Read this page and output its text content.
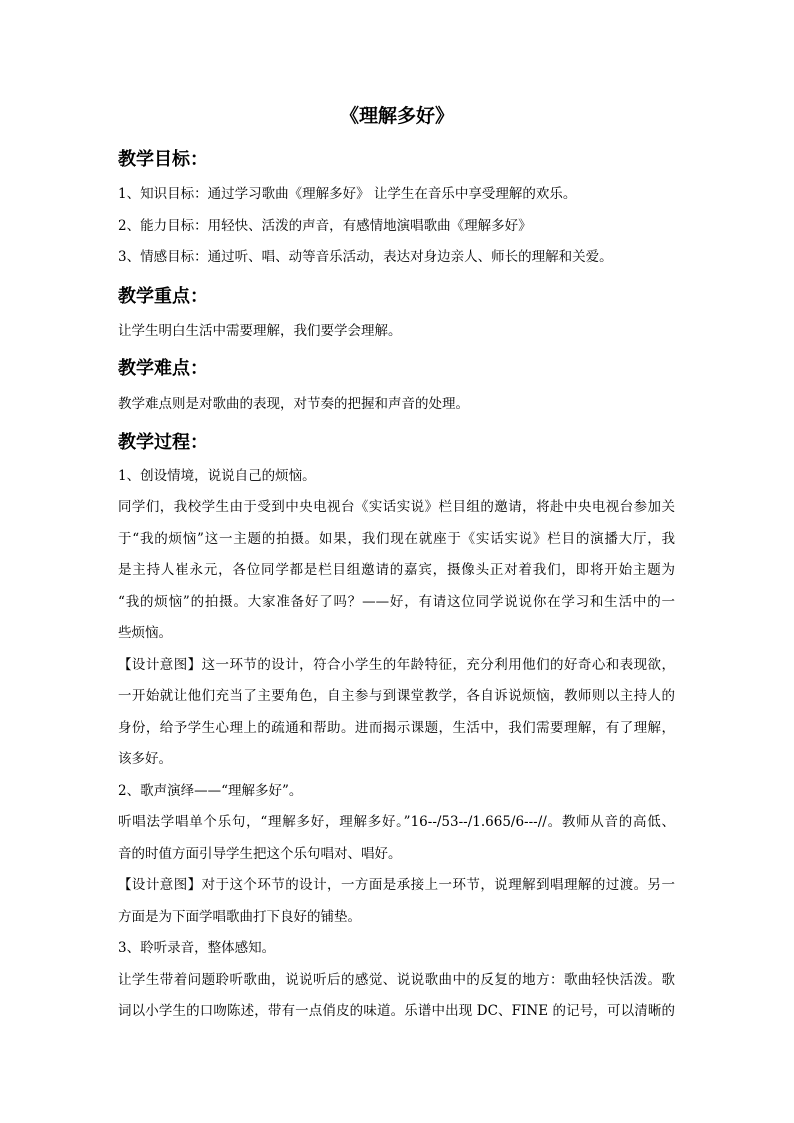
《理解多好》
教学目标：
1、知识目标：通过学习歌曲《理解多好》 让学生在音乐中享受理解的欢乐。
2、能力目标：用轻快、活泼的声音，有感情地演唱歌曲《理解多好》
3、情感目标：通过听、唱、动等音乐活动，表达对身边亲人、师长的理解和关爱。
教学重点：
让学生明白生活中需要理解，我们要学会理解。
教学难点：
教学难点则是对歌曲的表现，对节奏的把握和声音的处理。
教学过程：
1、创设情境，说说自己的烦恼。
同学们，我校学生由于受到中央电视台《实话实说》栏目组的邀请，将赴中央电视台参加关
于“我的烦恼”这一主题的拍摄。如果，我们现在就座于《实话实说》栏目的演播大厅，我
是主持人崔永元，各位同学都是栏目组邀请的嘉宾，摄像头正对着我们，即将开始主题为
“我的烦恼”的拍摄。大家准备好了吗？——好，有请这位同学说说你在学习和生活中的一
些烦恼。
【设计意图】这一环节的设计，符合小学生的年龄特征，充分利用他们的好奇心和表现欲，
一开始就让他们充当了主要角色，自主参与到课堂教学，各自诉说烦恼，教师则以主持人的
身份，给予学生心理上的疏通和帮助。进而揭示课题，生活中，我们需要理解，有了理解，
该多好。
2、歌声演绎——“理解多好”。
听唱法学唱单个乐句，“理解多好，理解多好。”16--/53--/1.665/6---//。教师从音的高低、
音的时值方面引导学生把这个乐句唱对、唱好。
【设计意图】对于这个环节的设计，一方面是承接上一环节，说理解到唱理解的过渡。另一
方面是为下面学唱歌曲打下良好的铺垫。
3、聆听录音，整体感知。
让学生带着问题聆听歌曲，说说听后的感觉、说说歌曲中的反复的地方：歌曲轻快活泼。歌
词以小学生的口吻陈述，带有一点俏皮的味道。乐谱中出现 DC、FINE 的记号，可以清晰的
